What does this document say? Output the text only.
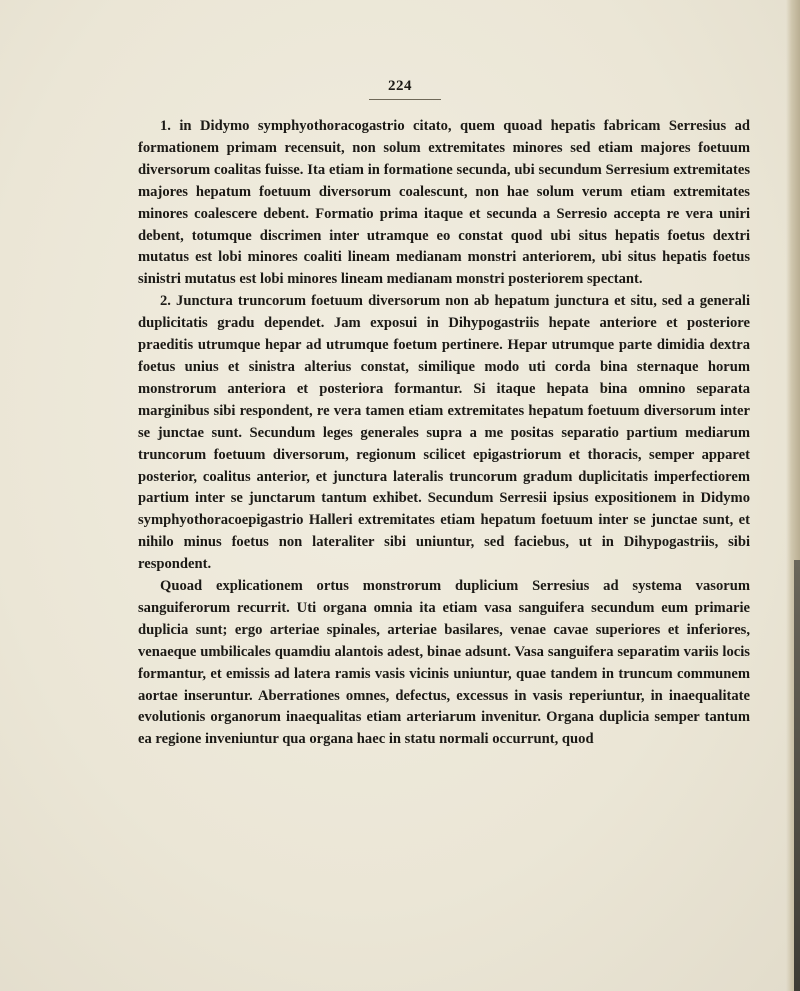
224

1. in Didymo symphyothoracogastrio citato, quem quoad hepatis fabricam Serresius ad formationem primam recensuit, non solum extremitates minores sed etiam majores foetuum diversorum coalitas fuisse. Ita etiam in formatione secunda, ubi secundum Serresium extremitates majores hepatum foetuum diversorum coalescunt, non hae solum verum etiam extremitates minores coalescere debent. Formatio prima itaque et secunda a Serresio accepta re vera uniri debent, totumque discrimen inter utramque eo constat quod ubi situs hepatis foetus dextri mutatus est lobi minores coaliti lineam medianam monstri anteriorem, ubi situs hepatis foetus sinistri mutatus est lobi minores lineam medianam monstri posteriorem spectant.

2. Junctura truncorum foetuum diversorum non ab hepatum junctura et situ, sed a generali duplicitatis gradu dependet. Jam exposui in Dihypogastriis hepate anteriore et posteriore praeditis utrumque hepar ad utrumque foetum pertinere. Hepar utrumque parte dimidia dextra foetus unius et sinistra alterius constat, similique modo uti corda bina sternaque horum monstrorum anteriora et posteriora formantur. Si itaque hepata bina omnino separata marginibus sibi respondent, re vera tamen etiam extremitates hepatum foetuum diversorum inter se junctae sunt. Secundum leges generales supra a me positas separatio partium mediarum truncorum foetuum diversorum, regionum scilicet epigastriorum et thoracis, semper apparet posterior, coalitus anterior, et junctura lateralis truncorum gradum duplicitatis imperfectiorem partium inter se junctarum tantum exhibet. Secundum Serresii ipsius expositionem in Didymo symphyothoracoepigastrio Halleri extremitates etiam hepatum foetuum inter se junctae sunt, et nihilo minus foetus non lateraliter sibi uniuntur, sed faciebus, ut in Dihypogastriis, sibi respondent.

Quoad explicationem ortus monstrorum duplicium Serresius ad systema vasorum sanguiferorum recurrit. Uti organa omnia ita etiam vasa sanguifera secundum eum primarie duplicia sunt; ergo arteriae spinales, arteriae basilares, venae cavae superiores et inferiores, venaeque umbilicales quamdiu alantois adest, binae adsunt. Vasa sanguifera separatim variis locis formantur, et emissis ad latera ramis vasis vicinis uniuntur, quae tandem in truncum communem aortae inseruntur. Aberrationes omnes, defectus, excessus in vasis reperiuntur, in inaequalitate evolutionis organorum inaequalitas etiam arteriarum invenitur. Organa duplicia semper tantum ea regione inveniuntur qua organa haec in statu normali occurrunt, quod
